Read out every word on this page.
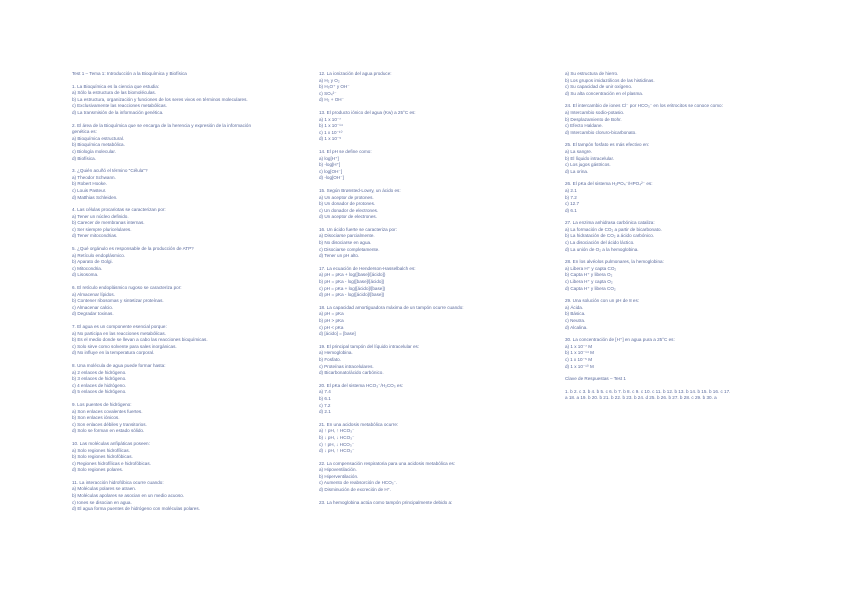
Test 1 – Tema 1: Introducción a la Bioquímica y Biofísica
1. La Bioquímica es la ciencia que estudia:
a) Sólo la estructura de las biomoléculas.
b) La estructura, organización y funciones de los seres vivos en términos moleculares.
c) Exclusivamente las reacciones metabólicas.
d) La transmisión de la información genética.
2. El área de la Bioquímica que se encarga de la herencia y expresión de la información
genética es:
a) Bioquímica estructural.
b) Bioquímica metabólica.
c) Biología molecular.
d) Biofísica.
3. ¿Quién acuñó el término "Célula"?
a) Theodor Schwann.
b) Robert Hooke.
c) Louis Pasteur.
d) Matthias Schleiden.
4. Las células procariotas se caracterizan por:
a) Tener un núcleo definido.
b) Carecer de membranas internas.
c) Ser siempre pluricelulares.
d) Tener mitocondrias.
5. ¿Qué orgánulo es responsable de la producción de ATP?
a) Retículo endoplásmico.
b) Aparato de Golgi.
c) Mitocondria.
d) Lisosoma.
6. El retículo endoplásmico rugoso se caracteriza por:
a) Almacenar lípidos.
b) Contener ribosomas y sintetizar proteínas.
c) Almacenar calcio.
d) Degradar toxinas.
7. El agua es un componente esencial porque:
a) No participa en las reacciones metabólicas.
b) Es el medio donde se llevan a cabo las reacciones bioquímicas.
c) Solo sirve como solvente para sales inorgánicas.
d) No influye en la temperatura corporal.
8. Una molécula de agua puede formar hasta:
a) 2 enlaces de hidrógeno.
b) 3 enlaces de hidrógeno.
c) 4 enlaces de hidrógeno.
d) 5 enlaces de hidrógeno.
9. Los puentes de hidrógeno:
a) Son enlaces covalentes fuertes.
b) Son enlaces iónicos.
c) Son enlaces débiles y transitorios.
d) Solo se forman en estado sólido.
10. Las moléculas anfipáticas poseen:
a) Solo regiones hidrofílicas.
b) Solo regiones hidrofóbicas.
c) Regiones hidrofílicas e hidrofóbicas.
d) Solo regiones polares.
11. La interacción hidrofóbica ocurre cuando:
a) Moléculas polares se atraen.
b) Moléculas apolares se asocian en un medio acuoso.
c) Iones se disocian en agua.
d) El agua forma puentes de hidrógeno con moléculas polares.
12. La ionización del agua produce:
a) H₂ y O₂
b) H₃O⁺ y OH⁻
c) SO₄²⁻
d) H₂ + OH⁻
13. El producto iónico del agua (Kw) a 25°C es:
a) 1 x 10⁻⁷
b) 1 x 10⁻¹⁴
c) 1 x 10⁻¹⁰
d) 1 x 10⁻⁵
14. El pH se define como:
a) log[H⁺]
b) -log[H⁺]
c) log[OH⁻]
d) -log[OH⁻]
15. Según Brønsted-Lowry, un ácido es:
a) Un aceptor de protones.
b) Un donador de protones.
c) Un donador de electrones.
d) Un aceptor de electrones.
16. Un ácido fuerte se caracteriza por:
a) Disociarse parcialmente.
b) No disociarse en agua.
c) Disociarse completamente.
d) Tener un pH alto.
17. La ecuación de Henderson-Hasselbalch es:
a) pH = pKa + log([base]/[ácido])
b) pH = pKa - log([base]/[ácido])
c) pH = pKa + log([ácido]/[base])
d) pH = pKa - log([ácido]/[base])
18. La capacidad amortiguadora máxima de un tampón ocurre cuando:
a) pH = pKa
b) pH > pKa
c) pH < pKa
d) [ácido] = [base]
19. El principal tampón del líquido intracelular es:
a) Hemoglobina.
b) Fosfato.
c) Proteínas intracelulares.
d) Bicarbonato/ácido carbónico.
20. El pKa del sistema HCO₃⁻/H₂CO₃ es:
a) 7.4
b) 6.1
c) 7.2
d) 2.1
21. En una acidosis metabólica ocurre:
a) ↑ pH, ↑ HCO₃⁻
b) ↓ pH, ↓ HCO₃⁻
c) ↑ pH, ↓ HCO₃⁻
d) ↓ pH, ↑ HCO₃⁻
22. La compensación respiratoria para una acidosis metabólica es:
a) Hipoventilación.
b) Hiperventilación.
c) Aumento de reabsorción de HCO₃⁻.
d) Disminución de excreción de H⁺.
23. La hemoglobina actúa como tampón principalmente debido a:
a) Su estructura de hierro.
b) Los grupos imidazólicos de las histidinas.
c) Su capacidad de unir oxígeno.
d) Su alta concentración en el plasma.
24. El intercambio de iones Cl⁻ por HCO₃⁻ en los eritrocitos se conoce como:
a) Intercambio sodio-potasio.
b) Desplazamiento de Bohr.
c) Efecto Haldane.
d) Intercambio cloruro-bicarbonato.
25. El tampón fosfato es más efectivo en:
a) La sangre.
b) El líquido intracelular.
c) Los jugos gástricos.
d) La orina.
26. El pKa del sistema H₂PO₄⁻/HPO₄²⁻ es:
a) 2.1
b) 7.2
c) 12.7
d) 6.1
27. La enzima anhidrasa carbónica cataliza:
a) La formación de CO₂ a partir de bicarbonato.
b) La hidratación de CO₂ a ácido carbónico.
c) La disociación del ácido láctico.
d) La unión de O₂ a la hemoglobina.
28. En los alvéolos pulmonares, la hemoglobina:
a) Libera H⁺ y capta CO₂
b) Capta H⁺ y libera O₂
c) Libera H⁺ y capta O₂
d) Capta H⁺ y libera CO₂
29. Una solución con un pH de 8 es:
a) Ácida.
b) Básica.
c) Neutra.
d) Alcalina.
30. La concentración de [H⁺] en agua pura a 25°C es:
a) 1 x 10⁻⁷ M
b) 1 x 10⁻¹⁴ M
c) 1 x 10⁻⁵ M
d) 1 x 10⁻¹⁰ M
Clave de Respuestas – Test 1
1. b 2. c 3. b 4. b 5. c 6. b 7. b 8. c 9. c 10. c 11. b 12. b 13. b 14. b 15. b 16. c 17.
a 18. a 19. b 20. b 21. b 22. b 23. b 24. d 25. b 26. b 27. b 28. c 29. b 30. a
